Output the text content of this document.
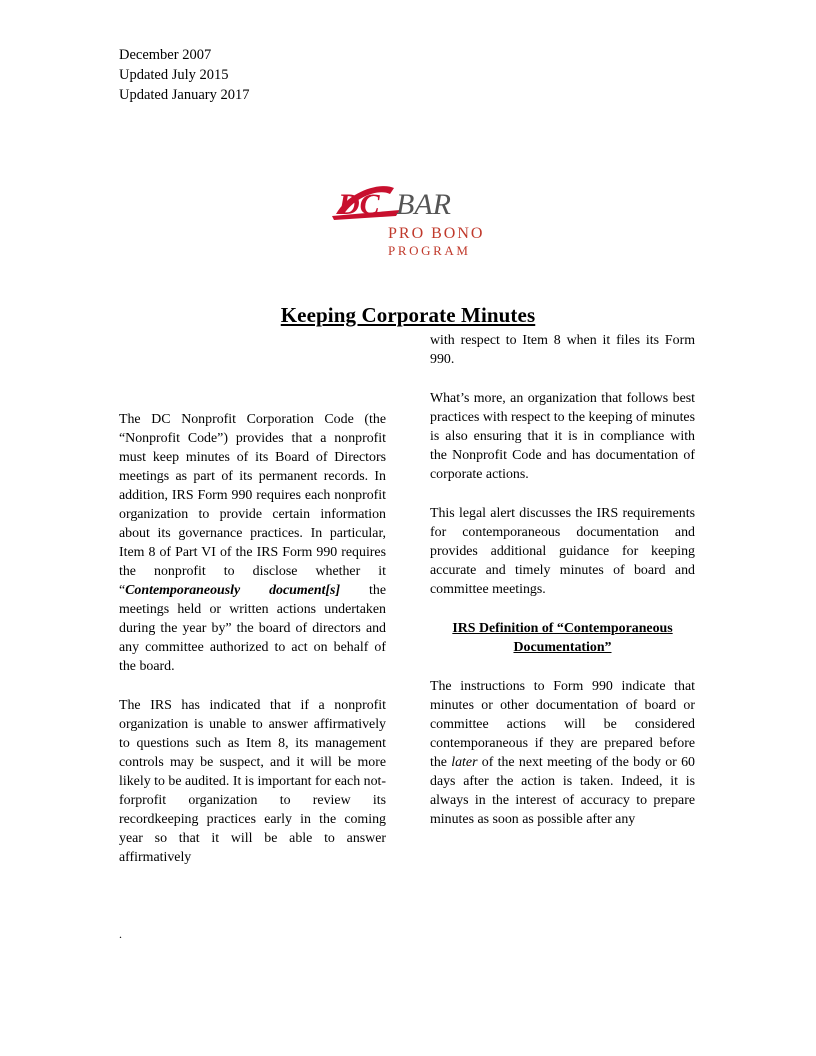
December 2007
Updated July 2015
Updated January 2017
DC BAR
PRO BONO
PROGRAM
Keeping Corporate Minutes

The DC Nonprofit Corporation Code (the “Nonprofit Code”) provides that a nonprofit must keep minutes of its Board of Directors meetings as part of its permanent records. In addition, IRS Form 990 requires each nonprofit organization to provide certain information about its governance practices. In particular, Item 8 of Part VI of the IRS Form 990 requires the nonprofit to disclose whether it “Contemporaneously document[s] the meetings held or written actions undertaken during the year by” the board of directors and any committee authorized to act on behalf of the board.

The IRS has indicated that if a nonprofit organization is unable to answer affirmatively to questions such as Item 8, its management controls may be suspect, and it will be more likely to be audited. It is important for each not-forprofit organization to review its recordkeeping practices early in the coming year so that it will be able to answer affirmatively

.

with respect to Item 8 when it files its Form 990.

What’s more, an organization that follows best practices with respect to the keeping of minutes is also ensuring that it is in compliance with the Nonprofit Code and has documentation of corporate actions.

This legal alert discusses the IRS requirements for contemporaneous documentation and provides additional guidance for keeping accurate and timely minutes of board and committee meetings.

IRS Definition of “Contemporaneous Documentation”

The instructions to Form 990 indicate that minutes or other documentation of board or committee actions will be considered contemporaneous if they are prepared before the later of the next meeting of the body or 60 days after the action is taken. Indeed, it is always in the interest of accuracy to prepare minutes as soon as possible after any
